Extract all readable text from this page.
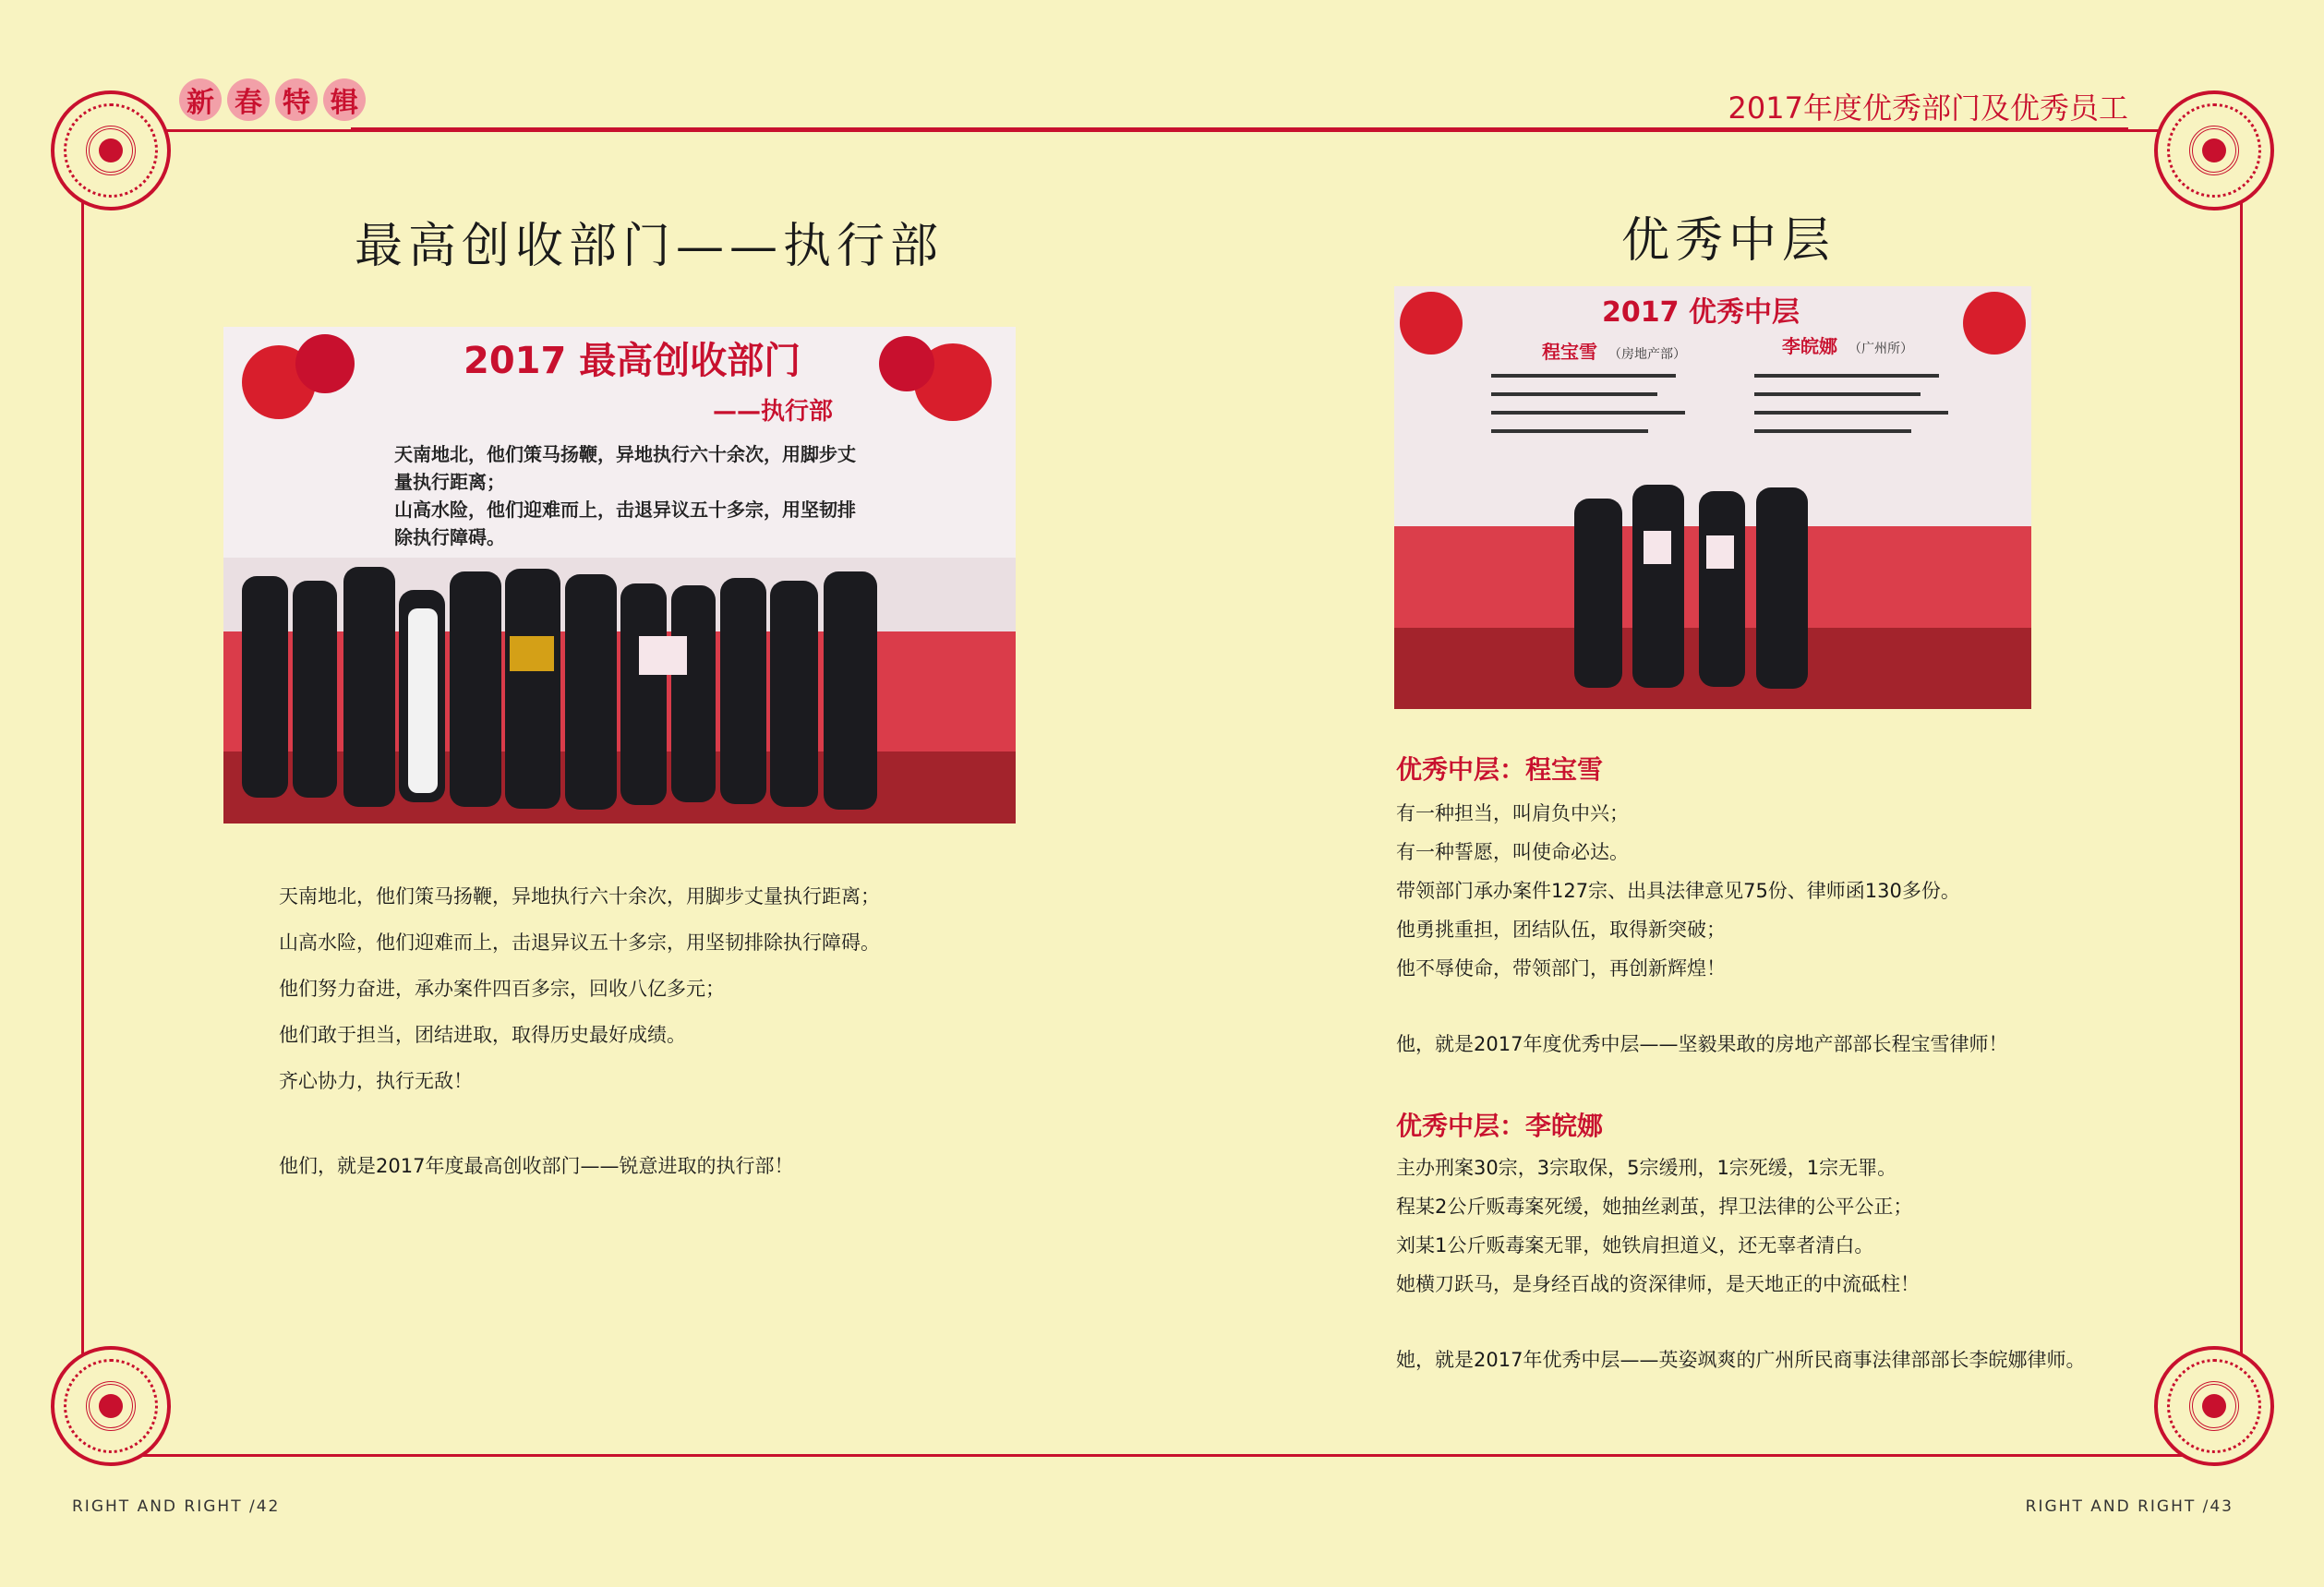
新 春 特 辑	2017年度优秀部门及优秀员工
最高创收部门——执行部
2017 最高创收部门
——执行部
天南地北，他们策马扬鞭，异地执行六十余次，用脚步丈
量执行距离；
山高水险，他们迎难而上，击退异议五十多宗，用坚韧排
除执行障碍。

天南地北，他们策马扬鞭，异地执行六十余次，用脚步丈量执行距离；

山高水险，他们迎难而上，击退异议五十多宗，用坚韧排除执行障碍。

他们努力奋进，承办案件四百多宗，回收八亿多元；

他们敢于担当，团结进取，取得历史最好成绩。

齐心协力，执行无敌！

他们，就是2017年度最高创收部门——锐意进取的执行部！

优秀中层
2017 优秀中层
程宝雪 （房地产部）	李皖娜 （广州所）
优秀中层：程宝雪

有一种担当，叫肩负中兴；

有一种誓愿，叫使命必达。

带领部门承办案件127宗、出具法律意见75份、律师函130多份。

他勇挑重担，团结队伍，取得新突破；

他不辱使命，带领部门，再创新辉煌！

他，就是2017年度优秀中层——坚毅果敢的房地产部部长程宝雪律师！

优秀中层：李皖娜

主办刑案30宗，3宗取保，5宗缓刑，1宗死缓，1宗无罪。

程某2公斤贩毒案死缓，她抽丝剥茧，捍卫法律的公平公正；

刘某1公斤贩毒案无罪，她铁肩担道义，还无辜者清白。

她横刀跃马，是身经百战的资深律师，是天地正的中流砥柱！

她，就是2017年优秀中层——英姿飒爽的广州所民商事法律部部长李皖娜律师。

RIGHT AND RIGHT /42	RIGHT AND RIGHT /43
